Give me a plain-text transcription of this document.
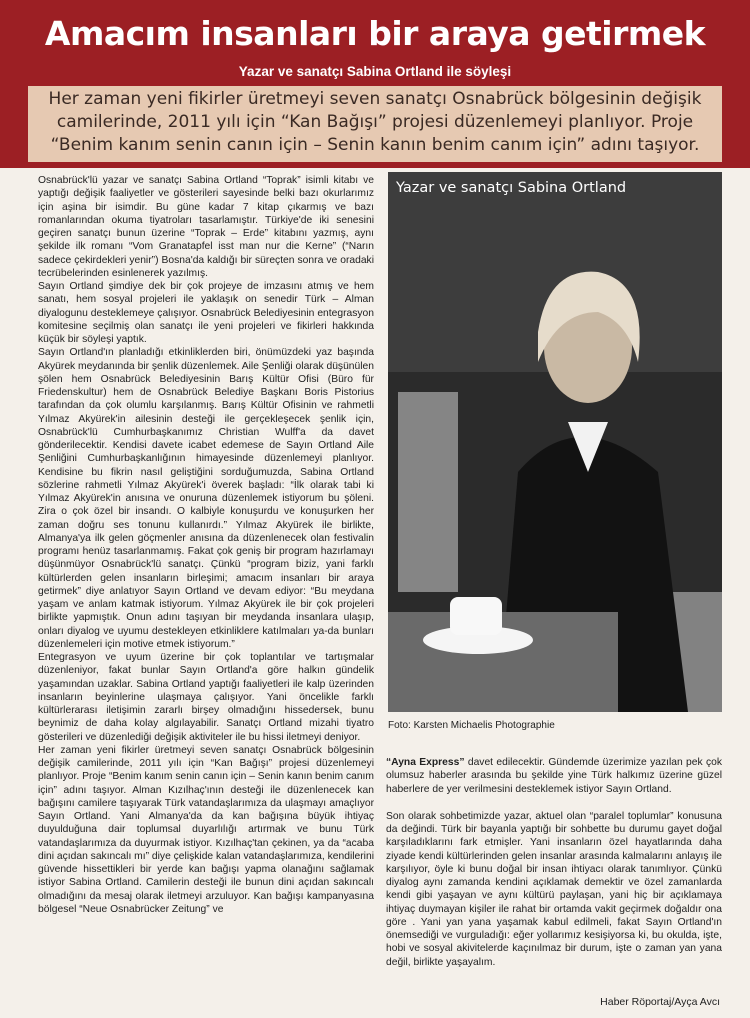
Amacım insanları bir araya getirmek
Yazar ve sanatçı Sabina Ortland ile söyleşi
Her zaman yeni fikirler üretmeyi seven sanatçı Osnabrück bölgesinin değişik camilerinde, 2011 yılı için “Kan Bağışı” projesi düzenlemeyi planlıyor. Proje “Benim kanım senin canın için – Senin kanın benim canım için” adını taşıyor.

Osnabrück'lü yazar ve sanatçı Sabina Ortland “Toprak” isimli kitabı ve yaptığı değişik faaliyetler ve gösterileri sayesinde belki bazı okurlarımız için aşina bir isimdir. Bu güne kadar 7 kitap çıkarmış ve bazı romanlarından okuma tiyatroları tasarlamıştır. Türkiye'de iki senesini geçiren sanatçı bunun üzerine “Toprak – Erde” kitabını yazmış, aynı şekilde ilk romanı “Vom Granatapfel isst man nur die Kerne” (“Narın sadece çekirdekleri yenir”) Bosna'da kaldığı bir süreçten sonra ve oradaki tecrübelerinden esinlenerek yazılmış.

Sayın Ortland şimdiye dek bir çok projeye de imzasını atmış ve hem sanatı, hem sosyal projeleri ile yaklaşık on senedir Türk – Alman diyalogunu desteklemeye çalışıyor. Osnabrück Belediyesinin entegrasyon komitesine seçilmiş olan sanatçı ile yeni projeleri ve fikirleri hakkında küçük bir söyleşi yaptık.

Sayın Ortland'ın planladığı etkinliklerden biri, önümüzdeki yaz başında Akyürek meydanında bir şenlik düzenlemek. Aile Şenliği olarak düşünülen şölen hem Osnabrück Belediyesinin Barış Kültür Ofisi (Büro für Friedenskultur) hem de Osnabrück Belediye Başkanı Boris Pistorius tarafından da çok olumlu karşılanmış. Barış Kültür Ofisinin ve rahmetli Yılmaz Akyürek'in ailesinin desteği ile gerçekleşecek şenlik için, Osnabrück'lü Cumhurbaşkanımız Christian Wulff'a da davet gönderilecektir. Kendisi davete icabet edemese de Sayın Ortland Aile Şenliğini Cumhurbaşkanlığının himayesinde düzenlemeyi planlıyor. Kendisine bu fikrin nasıl geliştiğini sorduğumuzda, Sabina Ortland sözlerine rahmetli Yılmaz Akyürek'i överek başladı: “İlk olarak tabi ki Yılmaz Akyürek'in anısına ve onuruna düzenlemek istiyorum bu şöleni. Zira o çok özel bir insandı. O kalbiyle konuşurdu ve konuşurken her zaman doğru ses tonunu kullanırdı.” Yılmaz Akyürek ile birlikte, Almanya'ya ilk gelen göçmenler anısına da düzenlenecek olan festivalin programı henüz tasarlanmamış. Fakat çok geniş bir program hazırlamayı düşünmüyor Osnabrück'lü sanatçı. Çünkü “program biziz, yani farklı kültürlerden gelen insanların birleşimi; amacım insanları bir araya getirmek” diye anlatıyor Sayın Ortland ve devam ediyor: “Bu meydana yaşam ve anlam katmak istiyorum. Yılmaz Akyürek ile bir çok projeleri birlikte yapmıştık. Onun adını taşıyan bir meydanda insanlara ulaşıp, onları diyalog ve uyumu destekleyen etkinliklere katılmaları ya-da bunları düzenlemeleri için motive etmek istiyorum.”

Entegrasyon ve uyum üzerine bir çok toplantılar ve tartışmalar düzenleniyor, fakat bunlar Sayın Ortland'a göre halkın gündelik yaşamından uzaklar. Sabina Ortland yaptığı faaliyetleri ile kalp üzerinden insanların beyinlerine ulaşmaya çalışıyor. Yani öncelikle farklı kültürlerarası iletişimin zararlı birşey olmadığını hissedersek, bunu beynimiz de daha kolay algılayabilir. Sanatçı Ortland mizahi tiyatro gösterileri ve düzenlediği değişik aktiviteler ile bu hissi iletmeyi deniyor.

Her zaman yeni fikirler üretmeyi seven sanatçı Osnabrück bölgesinin değişik camilerinde, 2011 yılı için “Kan Bağışı” projesi düzenlemeyi planlıyor. Proje “Benim kanım senin canın için – Senin kanın benim canım için” adını taşıyor. Alman Kızılhaç'ının desteği ile düzenlenecek kan bağışını camilere taşıyarak Türk vatandaşlarımıza da ulaşmayı amaçlıyor Sayın Ortland. Yani Almanya'da da kan bağışına büyük ihtiyaç duyulduğuna dair toplumsal duyarlılığı artırmak ve bunu Türk vatandaşlarımıza da duyurmak istiyor. Kızılhaç'tan çekinen, ya da “acaba dini açıdan sakıncalı mı” diye çelişkide kalan vatandaşlarımıza, kendilerini güvende hissettikleri bir yerde kan bağışı yapma olanağını sağlamak istiyor Sabina Ortland. Camilerin desteği ile bunun dini açıdan sakıncalı olmadığını da mesaj olarak iletmeyi arzuluyor. Kan bağışı kampanyasına bölgesel “Neue Osnabrücker Zeitung” ve

Yazar ve sanatçı Sabina Ortland
Foto: Karsten Michaelis Photographie

“Ayna Express” davet edilecektir. Gündemde üzerimize yazılan pek çok olumsuz haberler arasında bu şekilde yine Türk halkımız üzerine güzel haberlere de yer verilmesini desteklemek istiyor Sayın Ortland.

Son olarak sohbetimizde yazar, aktuel olan “paralel toplumlar” konusuna da değindi. Türk bir bayanla yaptığı bir sohbette bu durumu gayet doğal karşıladıklarını fark etmişler. Yani insanların özel hayatlarında daha ziyade kendi kültürlerinden gelen insanlar arasında kalmalarını anlayış ile karşılıyor, öyle ki bunu doğal bir insan ihtiyacı olarak tanımlıyor. Çünkü diyalog aynı zamanda kendini açıklamak demektir ve özel zamanlarda kendi gibi yaşayan ve aynı kültürü paylaşan, yani hiç bir açıklamaya ihtiyaç duymayan kişiler ile rahat bir ortamda vakit geçirmek doğaldır ona göre . Yani yan yana yaşamak kabul edilmeli, fakat Sayın Ortland'ın önemsediği ve vurguladığı: eğer yollarımız kesişiyorsa ki, bu okulda, işte, hobi ve sosyal akivitelerde kaçınılmaz bir durum, işte o zaman yan yana değil, birlikte yaşayalım.

Haber Röportaj/Ayça Avcı
